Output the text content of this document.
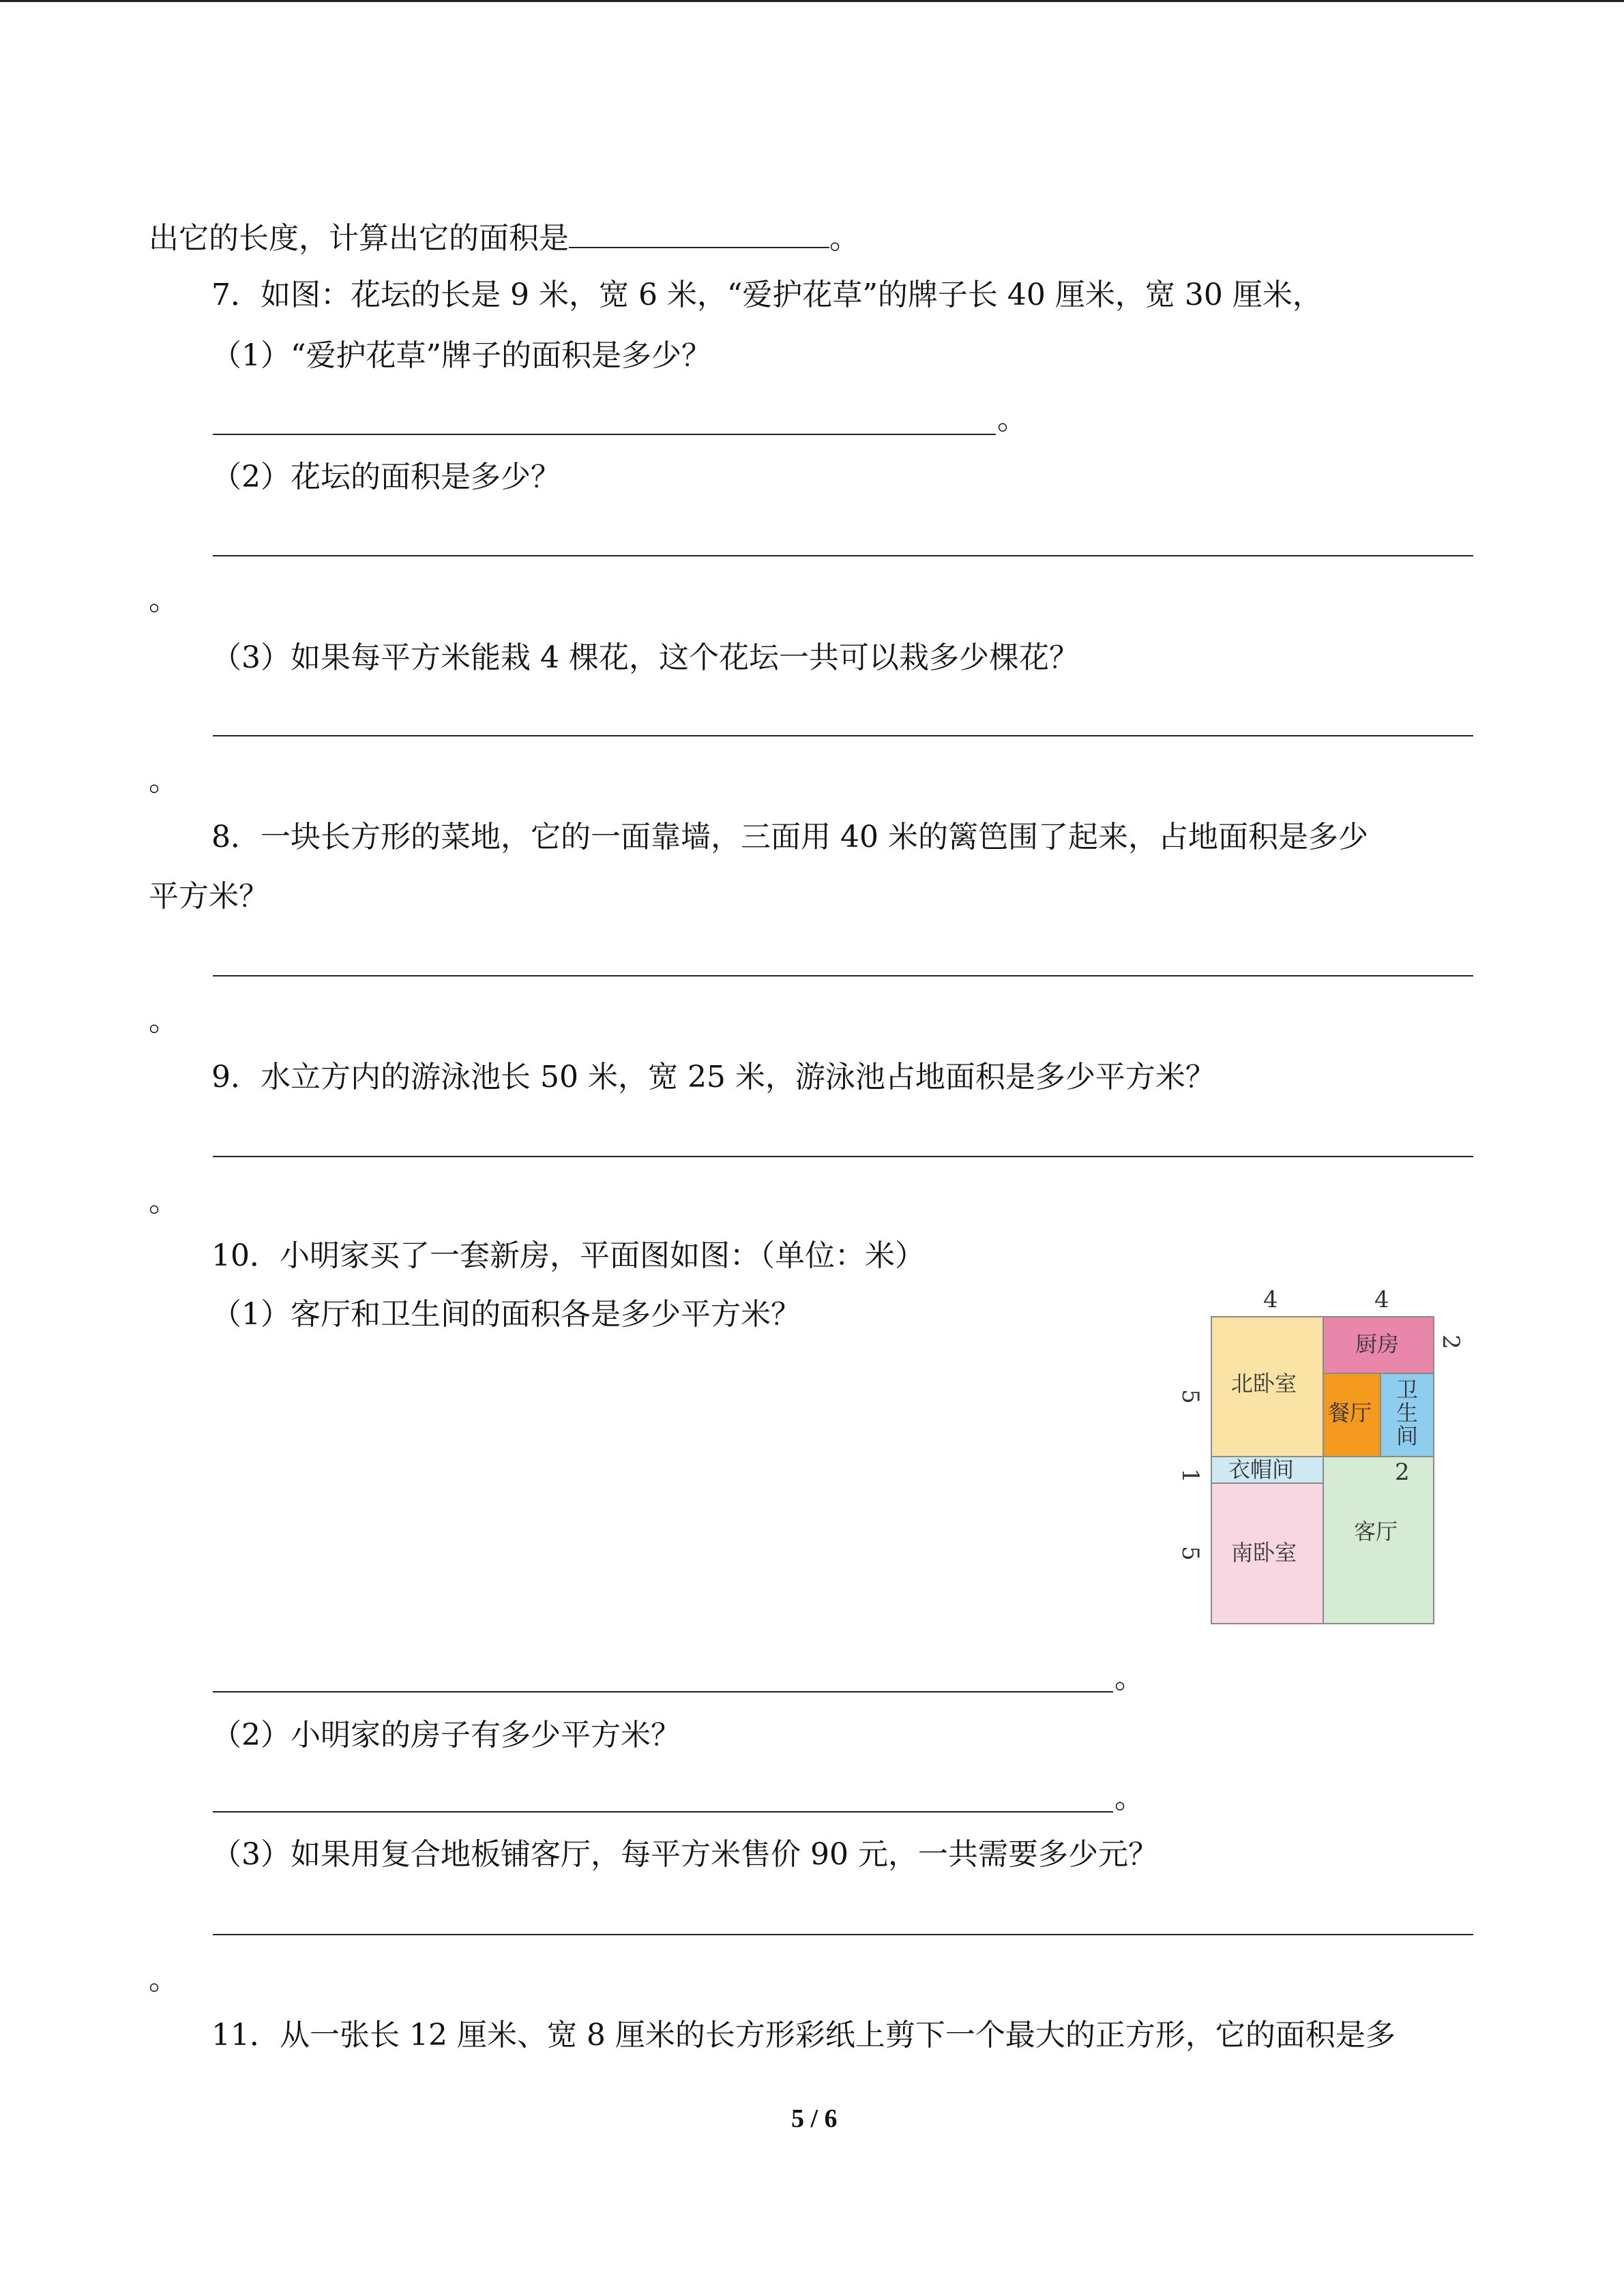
出它的长度，计算出它的面积是	。
7．如图：花坛的长是 9 米，宽 6 米，“爱护花草”的牌子长 40 厘米，宽 30 厘米，
（1）“爱护花草”牌子的面积是多少？
。
（2）花坛的面积是多少？
。
（3）如果每平方米能栽 4 棵花，这个花坛一共可以栽多少棵花？
。
8．一块长方形的菜地，它的一面靠墙，三面用 40 米的篱笆围了起来，占地面积是多少
平方米？
。
9．水立方内的游泳池长 50 米，宽 25 米，游泳池占地面积是多少平方米？
。
10．小明家买了一套新房，平面图如图：（单位：米）
（1）客厅和卫生间的面积各是多少平方米？	4	4
2
5
1
5
北卧室
厨房
餐厅
卫生间
衣帽间
南卧室
2
客厅
。
（2）小明家的房子有多少平方米？
。
（3）如果用复合地板铺客厅，每平方米售价 90 元，一共需要多少元？
。
11．从一张长 12 厘米、宽 8 厘米的长方形彩纸上剪下一个最大的正方形，它的面积是多
5 / 6
